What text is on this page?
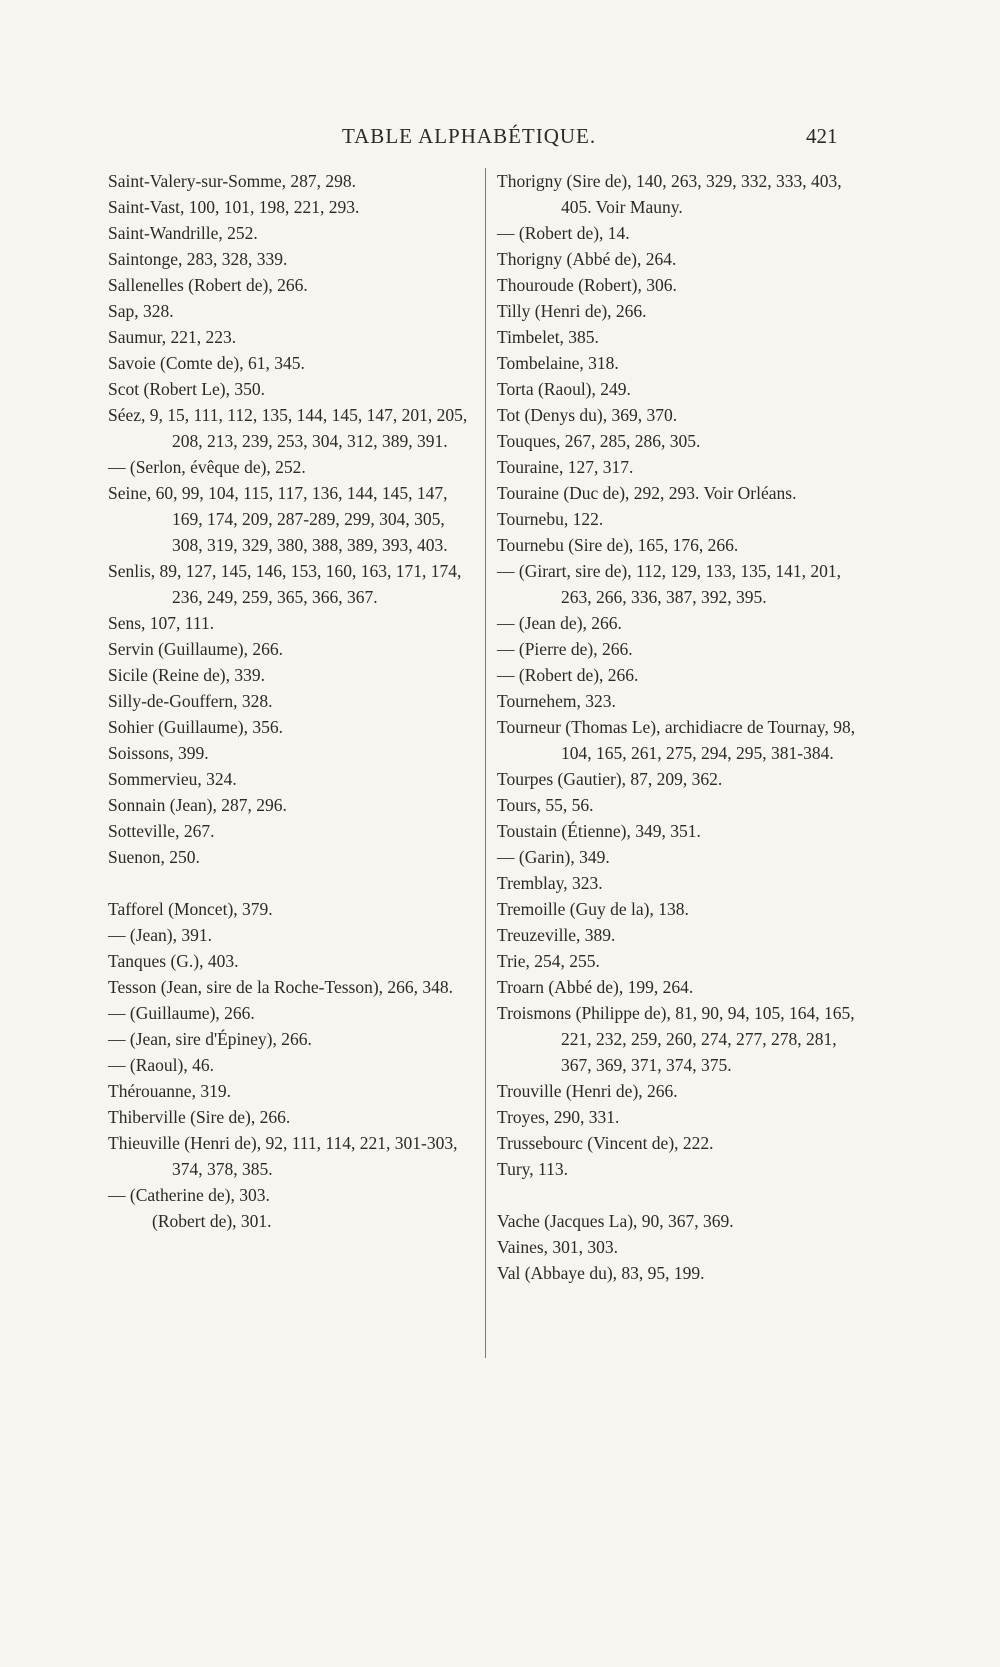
TABLE ALPHABÉTIQUE.	421
Saint-Valery-sur-Somme, 287, 298.
Saint-Vast, 100, 101, 198, 221, 293.
Saint-Wandrille, 252.
Saintonge, 283, 328, 339.
Sallenelles (Robert de), 266.
Sap, 328.
Saumur, 221, 223.
Savoie (Comte de), 61, 345.
Scot (Robert Le), 350.
Séez, 9, 15, 111, 112, 135, 144, 145, 147, 201, 205, 208, 213, 239, 253, 304, 312, 389, 391.
— (Serlon, évêque de), 252.
Seine, 60, 99, 104, 115, 117, 136, 144, 145, 147, 169, 174, 209, 287-289, 299, 304, 305, 308, 319, 329, 380, 388, 389, 393, 403.
Senlis, 89, 127, 145, 146, 153, 160, 163, 171, 174, 236, 249, 259, 365, 366, 367.
Sens, 107, 111.
Servin (Guillaume), 266.
Sicile (Reine de), 339.
Silly-de-Gouffern, 328.
Sohier (Guillaume), 356.
Soissons, 399.
Sommervieu, 324.
Sonnain (Jean), 287, 296.
Sotteville, 267.
Suenon, 250.
Tafforel (Moncet), 379.
— (Jean), 391.
Tanques (G.), 403.
Tesson (Jean, sire de la Roche-Tesson), 266, 348.
— (Guillaume), 266.
— (Jean, sire d'Épiney), 266.
— (Raoul), 46.
Thérouanne, 319.
Thiberville (Sire de), 266.
Thieuville (Henri de), 92, 111, 114, 221, 301-303, 374, 378, 385.
— (Catherine de), 303.
(Robert de), 301.
Thorigny (Sire de), 140, 263, 329, 332, 333, 403, 405. Voir Mauny.
— (Robert de), 14.
Thorigny (Abbé de), 264.
Thouroude (Robert), 306.
Tilly (Henri de), 266.
Timbelet, 385.
Tombelaine, 318.
Torta (Raoul), 249.
Tot (Denys du), 369, 370.
Touques, 267, 285, 286, 305.
Touraine, 127, 317.
Touraine (Duc de), 292, 293. Voir Orléans.
Tournebu, 122.
Tournebu (Sire de), 165, 176, 266.
— (Girart, sire de), 112, 129, 133, 135, 141, 201, 263, 266, 336, 387, 392, 395.
— (Jean de), 266.
— (Pierre de), 266.
— (Robert de), 266.
Tournehem, 323.
Tourneur (Thomas Le), archidiacre de Tournay, 98, 104, 165, 261, 275, 294, 295, 381-384.
Tourpes (Gautier), 87, 209, 362.
Tours, 55, 56.
Toustain (Étienne), 349, 351.
— (Garin), 349.
Tremblay, 323.
Tremoille (Guy de la), 138.
Treuzeville, 389.
Trie, 254, 255.
Troarn (Abbé de), 199, 264.
Troismons (Philippe de), 81, 90, 94, 105, 164, 165, 221, 232, 259, 260, 274, 277, 278, 281, 367, 369, 371, 374, 375.
Trouville (Henri de), 266.
Troyes, 290, 331.
Trussebourc (Vincent de), 222.
Tury, 113.
Vache (Jacques La), 90, 367, 369.
Vaines, 301, 303.
Val (Abbaye du), 83, 95, 199.
